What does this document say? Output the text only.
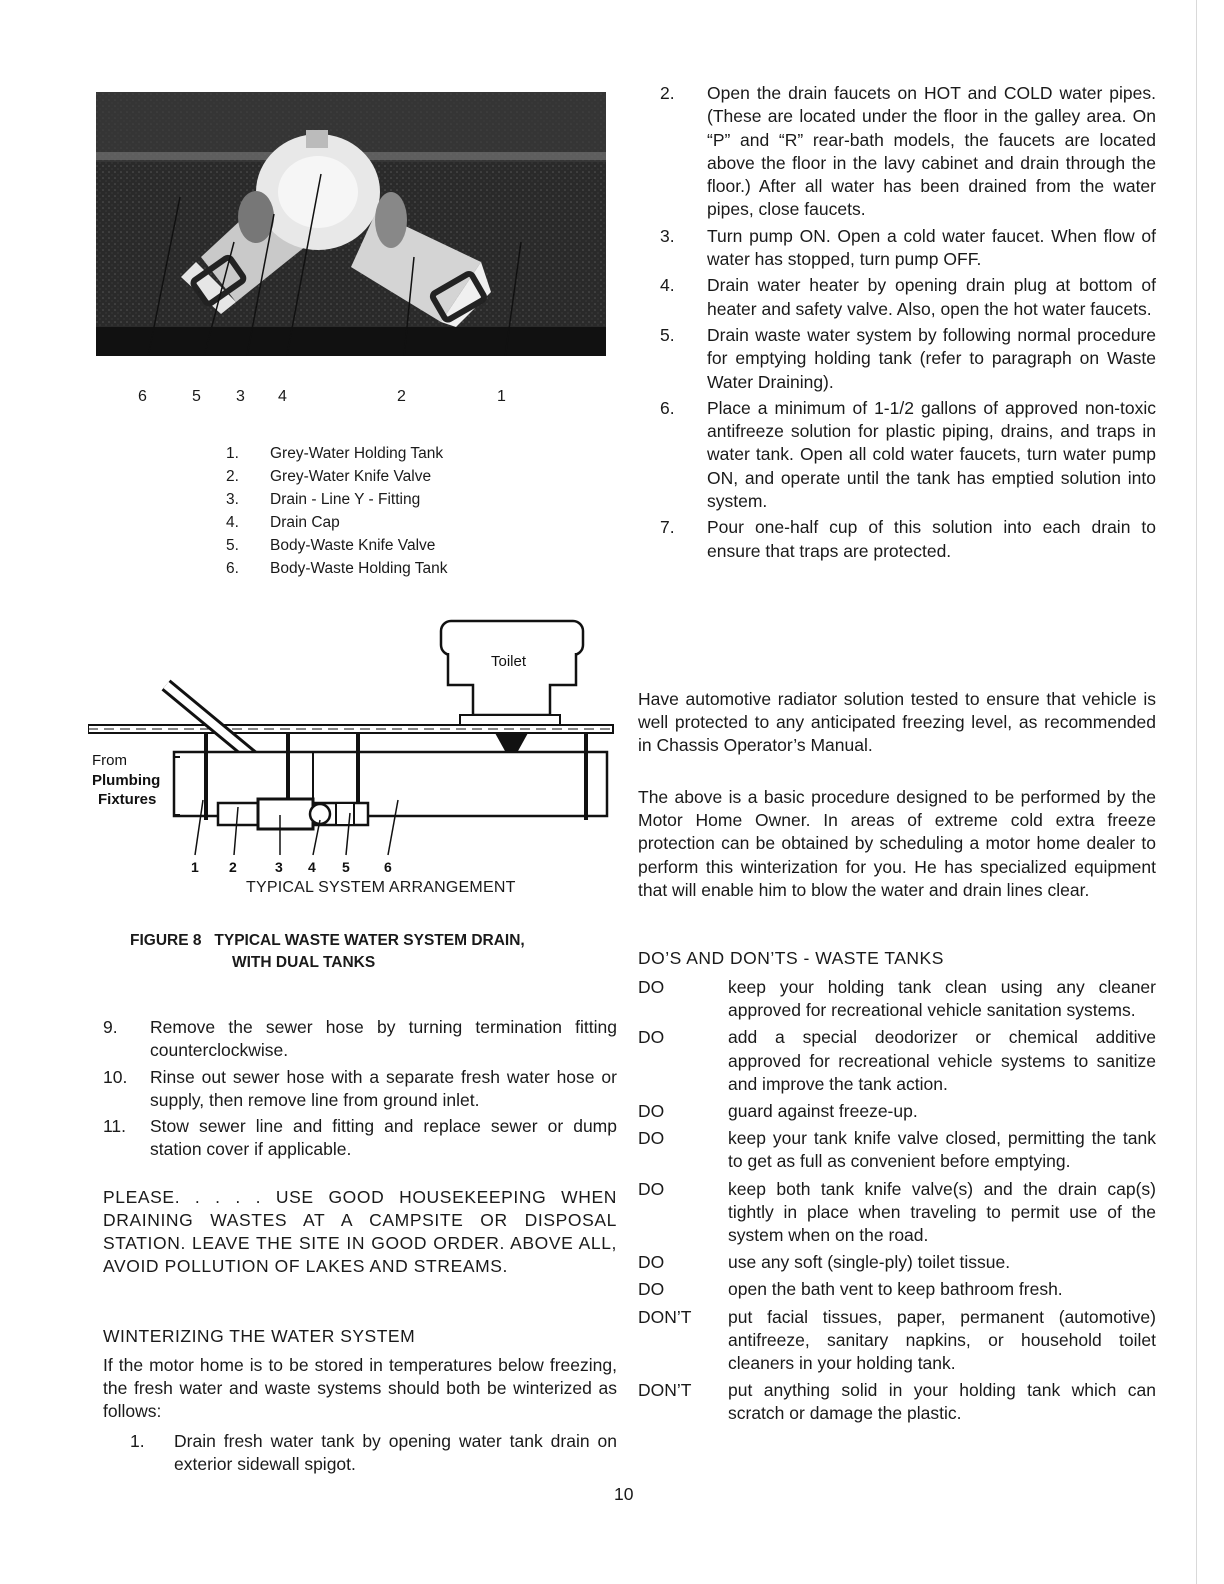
6	5 3 4	2	1
1.	Grey-Water Holding Tank
2.	Grey-Water Knife Valve
3.	Drain - Line Y - Fitting
4.	Drain Cap
5.	Body-Waste Knife Valve
6.	Body-Waste Holding Tank
Toilet
From
Plumbing
Fixtures
1 2	3 4 5 6
TYPICAL SYSTEM ARRANGEMENT
FIGURE 8   TYPICAL WASTE WATER SYSTEM DRAIN,
WITH DUAL TANKS
9.	Remove the sewer hose by turning termination fitting counterclockwise.
10.	Rinse out sewer hose with a separate fresh water hose or supply, then remove line from ground inlet.
11.	Stow sewer line and fitting and replace sewer or dump station cover if applicable.
PLEASE. . . . . USE GOOD HOUSEKEEPING WHEN DRAINING WASTES AT A CAMPSITE OR DISPOSAL STATION. LEAVE THE SITE IN GOOD ORDER. ABOVE ALL, AVOID POLLUTION OF LAKES AND STREAMS.
WINTERIZING THE WATER SYSTEM
If the motor home is to be stored in temperatures below freezing, the fresh water and waste systems should both be winterized as follows:
1.	Drain fresh water tank by opening water tank drain on exterior sidewall spigot.
2.	Open the drain faucets on HOT and COLD water pipes. (These are located under the floor in the galley area. On “P” and “R” rear-bath models, the faucets are located above the floor in the lavy cabinet and drain through the floor.) After all water has been drained from the water pipes, close faucets.
3.	Turn pump ON. Open a cold water faucet. When flow of water has stopped, turn pump OFF.
4.	Drain water heater by opening drain plug at bottom of heater and safety valve. Also, open the hot water faucets.
5.	Drain waste water system by following normal procedure for emptying holding tank (refer to paragraph on Waste Water Draining).
6.	Place a minimum of 1-1/2 gallons of approved non-toxic antifreeze solution for plastic piping, drains, and traps in water tank. Open all cold water faucets, turn water pump ON, and operate until the tank has emptied solution into system.
7.	Pour one-half cup of this solution into each drain to ensure that traps are protected.
Have automotive radiator solution tested to ensure that vehicle is well protected to any anticipated freezing level, as recommended in Chassis Operator’s Manual.
The above is a basic procedure designed to be performed by the Motor Home Owner. In areas of extreme cold extra freeze protection can be obtained by scheduling a motor home dealer to perform this winterization for you. He has specialized equipment that will enable him to blow the water and drain lines clear.
DO’S AND DON’TS - WASTE TANKS
DO	keep your holding tank clean using any cleaner approved for recreational vehicle sanitation systems.
DO	add a special deodorizer or chemical additive approved for recreational vehicle systems to sanitize and improve the tank action.
DO	guard against freeze-up.
DO	keep your tank knife valve closed, permitting the tank to get as full as convenient before emptying.
DO	keep both tank knife valve(s) and the drain cap(s) tightly in place when traveling to permit use of the system when on the road.
DO	use any soft (single-ply) toilet tissue.
DO	open the bath vent to keep bathroom fresh.
DON’T	put facial tissues, paper, permanent (automotive) antifreeze, sanitary napkins, or household toilet cleaners in your holding tank.
DON’T	put anything solid in your holding tank which can scratch or damage the plastic.
10
